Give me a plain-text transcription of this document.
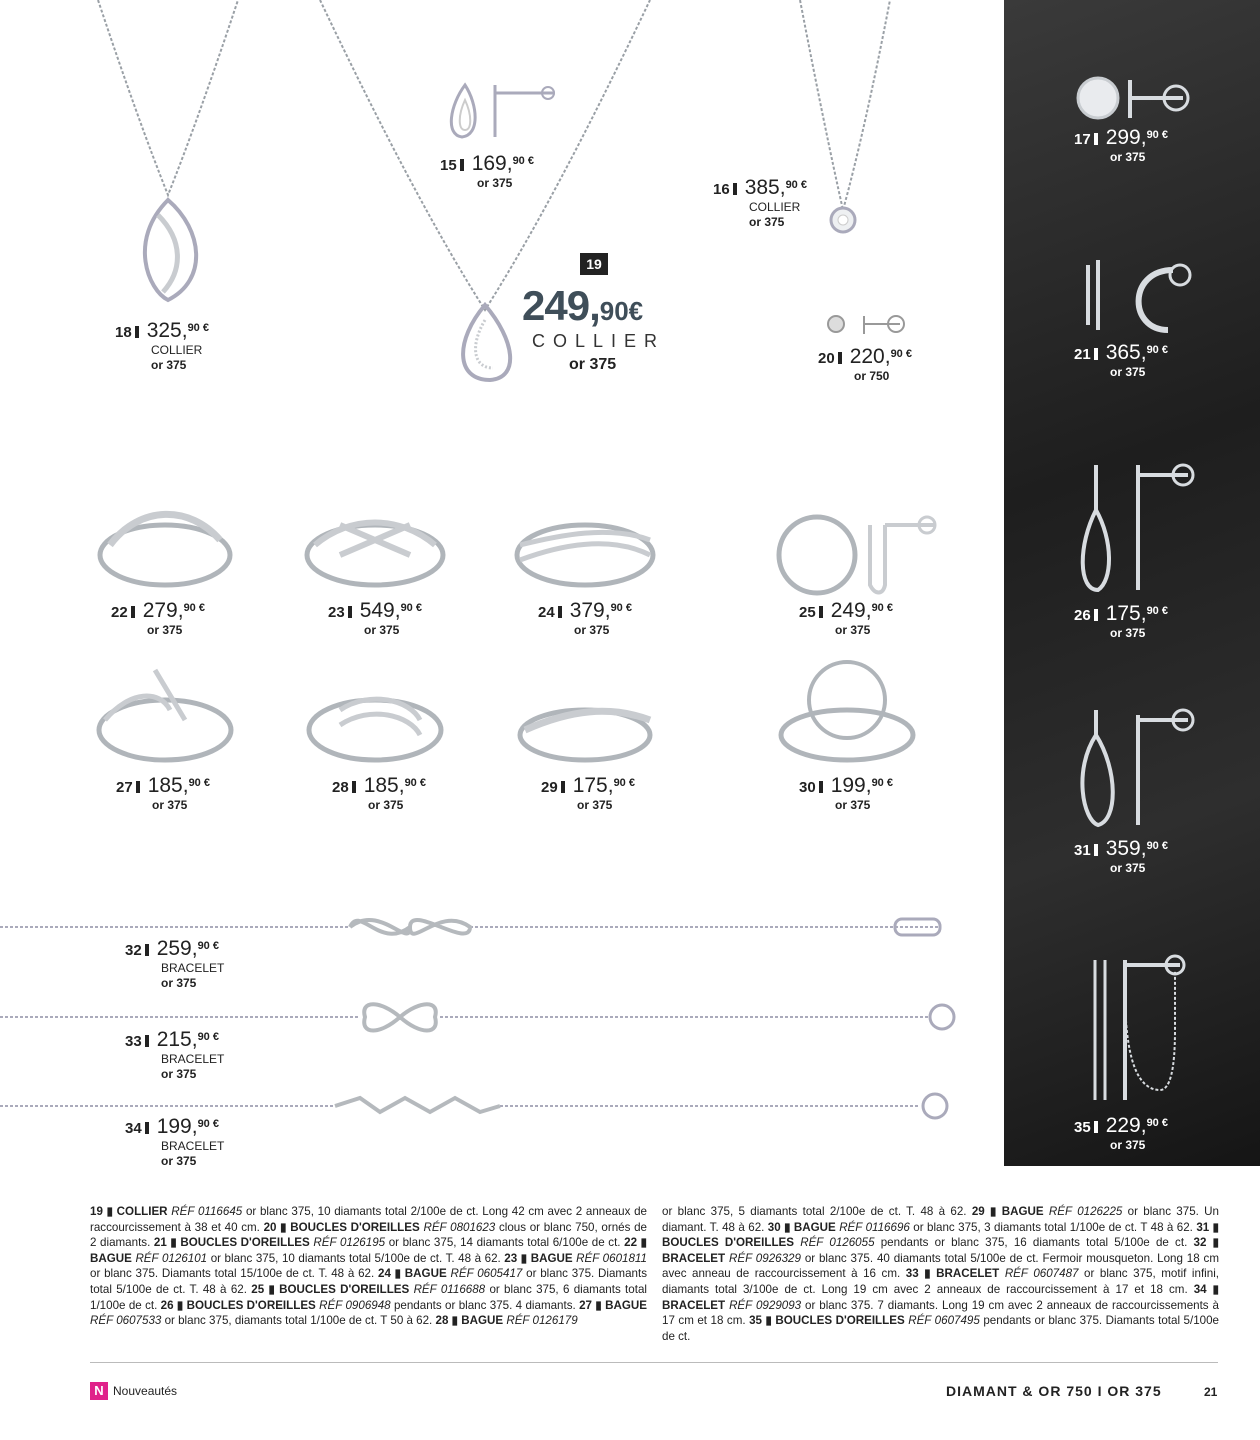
15 169,$^{90 €}$
or 375	16 385,$^{90 €}$
COLLIER
or 375
17 299,$^{90 €}$
or 375
18 325,$^{90 €}$
COLLIER
or 375	20 220,$^{90 €}$
or 750
21 365,$^{90 €}$
or 375
22 279,$^{90 €}$
or 375
23 549,$^{90 €}$
or 375
24 379,$^{90 €}$
or 375
25 249,$^{90 €}$
or 375
26 175,$^{90 €}$
or 375
27 185,$^{90 €}$
or 375
28 185,$^{90 €}$
or 375
29 175,$^{90 €}$
or 375
30 199,$^{90 €}$
or 375
31 359,$^{90 €}$
or 375
32 259,$^{90 €}$
BRACELET
or 375
33 215,$^{90 €}$
BRACELET
or 375
34 199,$^{90 €}$
BRACELET
or 375
35 229,$^{90 €}$
or 375
19
249,90€
COLLIER
or 375

19 ▮ COLLIER RÉF 0116645 or blanc 375, 10 diamants total 2/100e de ct. Long 42 cm avec 2 anneaux de raccourcissement à 38 et 40 cm. 20 ▮ BOUCLES D'OREILLES RÉF 0801623 clous or blanc 750, ornés de 2 diamants. 21 ▮ BOUCLES D'OREILLES RÉF 0126195 or blanc 375, 14 diamants total 6/100e de ct. 22 ▮ BAGUE RÉF 0126101 or blanc 375, 10 diamants total 5/100e de ct. T. 48 à 62. 23 ▮ BAGUE RÉF 0601811 or blanc 375. Diamants total 15/100e de ct. T. 48 à 62. 24 ▮ BAGUE RÉF 0605417 or blanc 375. Diamants total 5/100e de ct. T. 48 à 62. 25 ▮ BOUCLES D'OREILLES RÉF 0116688 or blanc 375, 6 diamants total 1/100e de ct. 26 ▮ BOUCLES D'OREILLES RÉF 0906948 pendants or blanc 375. 4 diamants. 27 ▮ BAGUE RÉF 0607533 or blanc 375, diamants total 1/100e de ct. T 50 à 62. 28 ▮ BAGUE RÉF 0126179

or blanc 375, 5 diamants total 2/100e de ct. T. 48 à 62. 29 ▮ BAGUE RÉF 0126225 or blanc 375. Un diamant. T. 48 à 62. 30 ▮ BAGUE RÉF 0116696 or blanc 375, 3 diamants total 1/100e de ct. T 48 à 62. 31 ▮ BOUCLES D'OREILLES RÉF 0126055 pendants or blanc 375, 16 diamants total 5/100e de ct. 32 ▮ BRACELET RÉF 0926329 or blanc 375. 40 diamants total 5/100e de ct. Fermoir mousqueton. Long 18 cm avec anneau de raccourcissement à 16 cm. 33 ▮ BRACELET RÉF 0607487 or blanc 375, motif infini, diamants total 3/100e de ct. Long 19 cm avec 2 anneaux de raccourcissement à 17 et 18 cm. 34 ▮ BRACELET RÉF 0929093 or blanc 375. 7 diamants. Long 19 cm avec 2 anneaux de raccourcissements à 17 cm et 18 cm. 35 ▮ BOUCLES D'OREILLES RÉF 0607495 pendants or blanc 375. Diamants total 5/100e de ct.

N Nouveautés	DIAMANT & OR 750 I OR 375	21
